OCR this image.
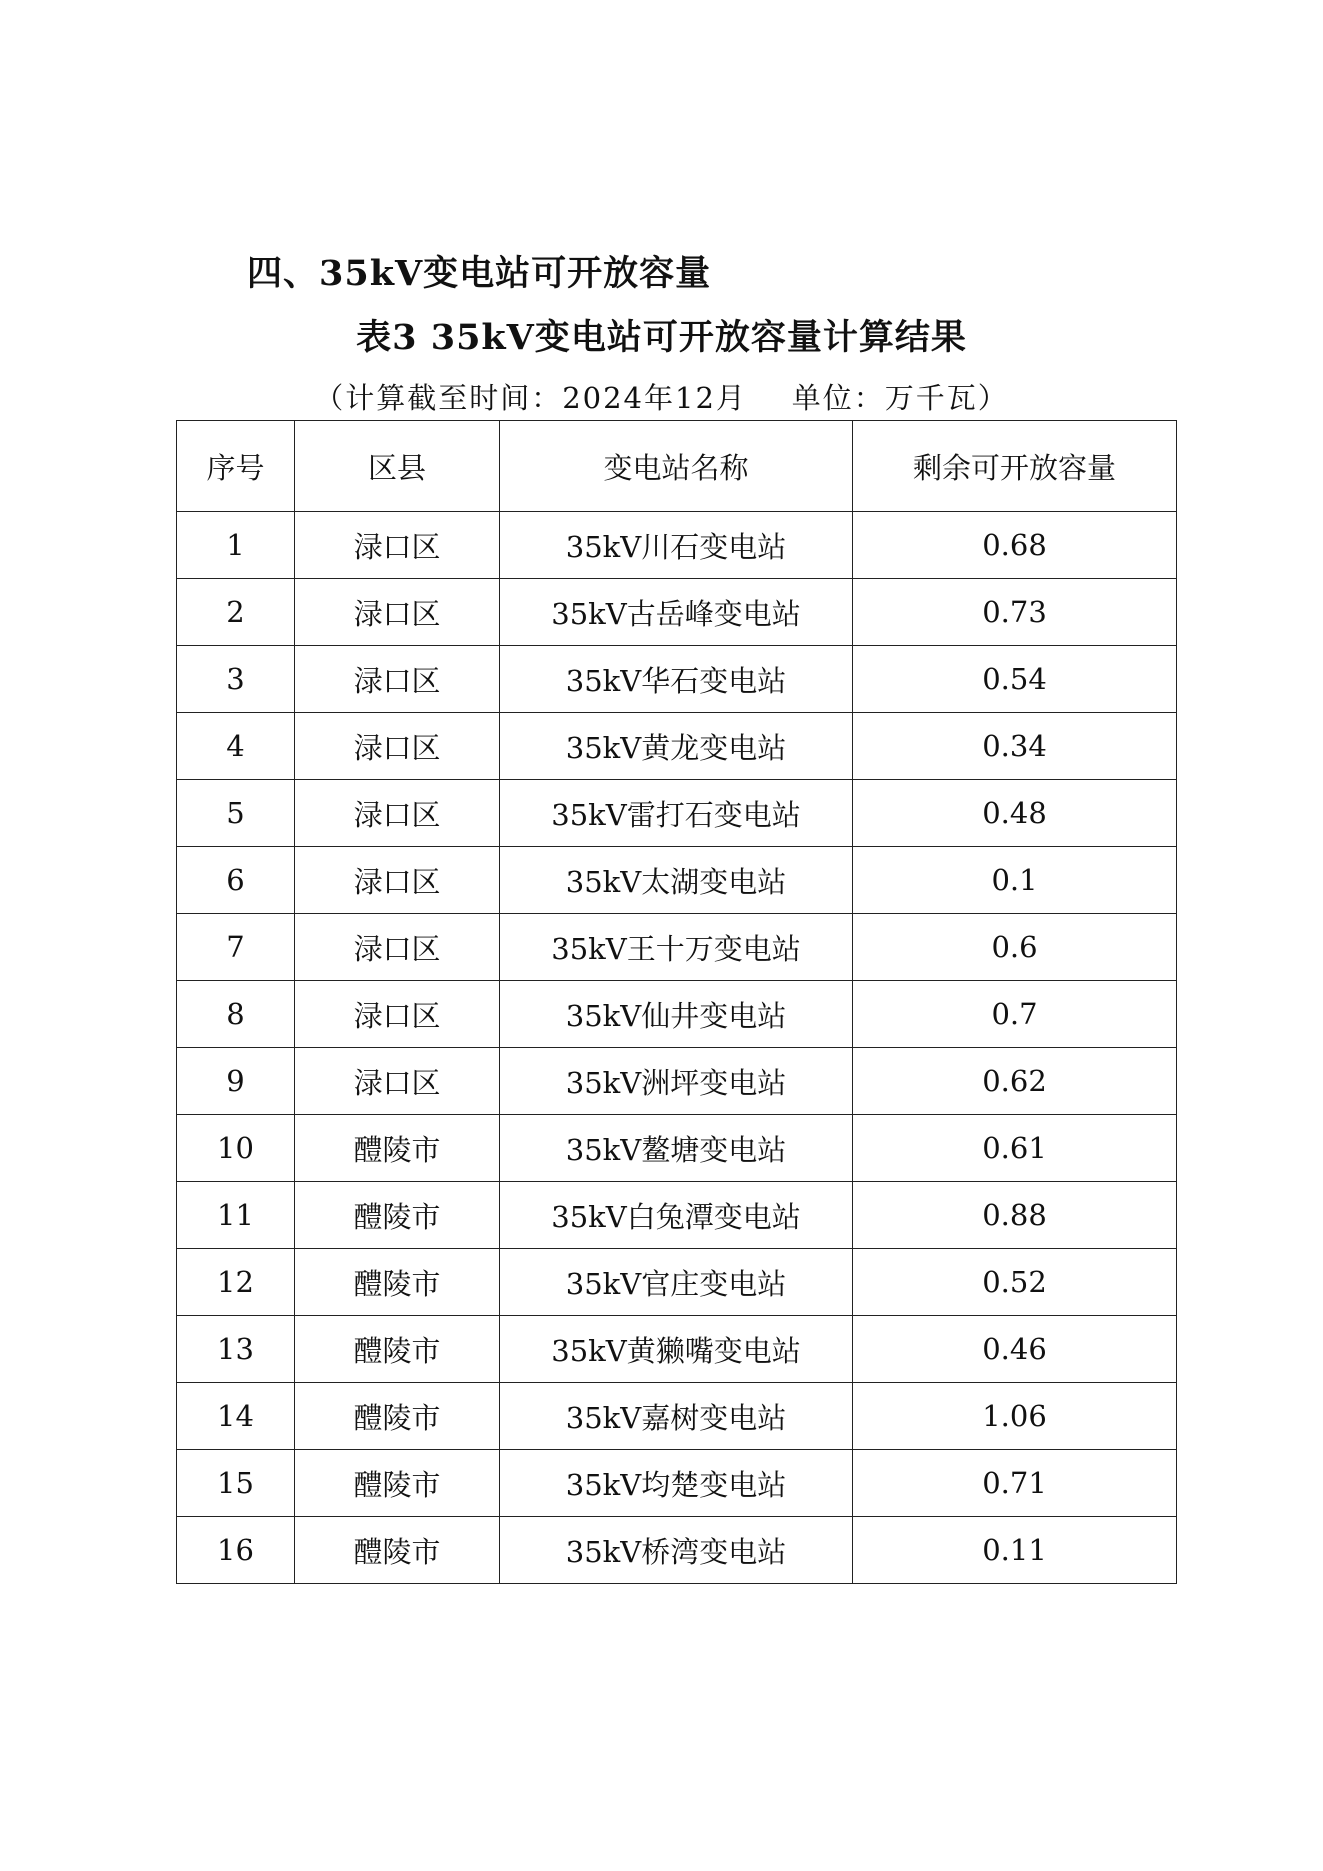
四、35kV变电站可开放容量
表3 35kV变电站可开放容量计算结果
（计算截至时间：2024年12月    单位：万千瓦）
序号	区县	变电站名称	剩余可开放容量
1	渌口区	35kV川石变电站	0.68
2	渌口区	35kV古岳峰变电站	0.73
3	渌口区	35kV华石变电站	0.54
4	渌口区	35kV黄龙变电站	0.34
5	渌口区	35kV雷打石变电站	0.48
6	渌口区	35kV太湖变电站	0.1
7	渌口区	35kV王十万变电站	0.6
8	渌口区	35kV仙井变电站	0.7
9	渌口区	35kV洲坪变电站	0.62
10	醴陵市	35kV鳌塘变电站	0.61
11	醴陵市	35kV白兔潭变电站	0.88
12	醴陵市	35kV官庄变电站	0.52
13	醴陵市	35kV黄獭嘴变电站	0.46
14	醴陵市	35kV嘉树变电站	1.06
15	醴陵市	35kV均楚变电站	0.71
16	醴陵市	35kV桥湾变电站	0.11
